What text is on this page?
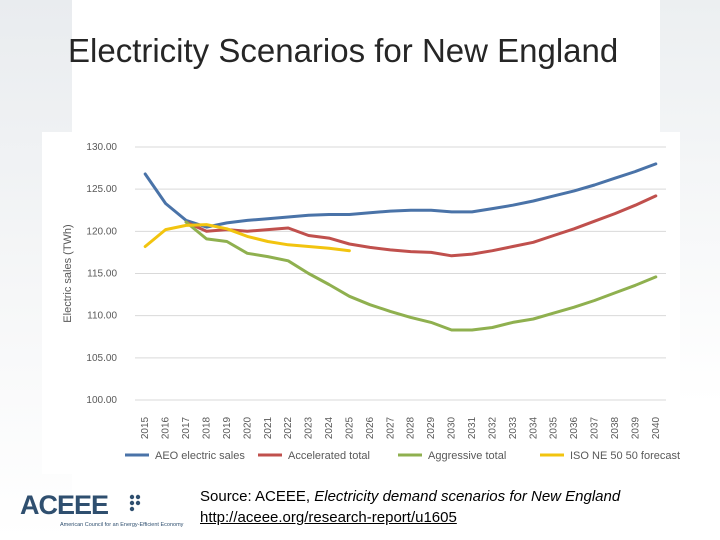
Electricity Scenarios for New England
100.00
105.00
110.00
115.00
120.00
125.00
130.00
Electric sales (TWh)
2015 2016 2017 2018 2019 2020 2021 2022 2023 2024 2025 2026 2027 2028 2029 2030 2031 2032 2033 2034 2035 2036 2037 2038 2039 2040
AEO electric sales	Accelerated total	Aggressive total	ISO NE 50 50 forecast
Source: ACEEE, Electricity demand scenarios for New England
http://aceee.org/research-report/u1605
ACEEE
American Council for an Energy-Efficient Economy
